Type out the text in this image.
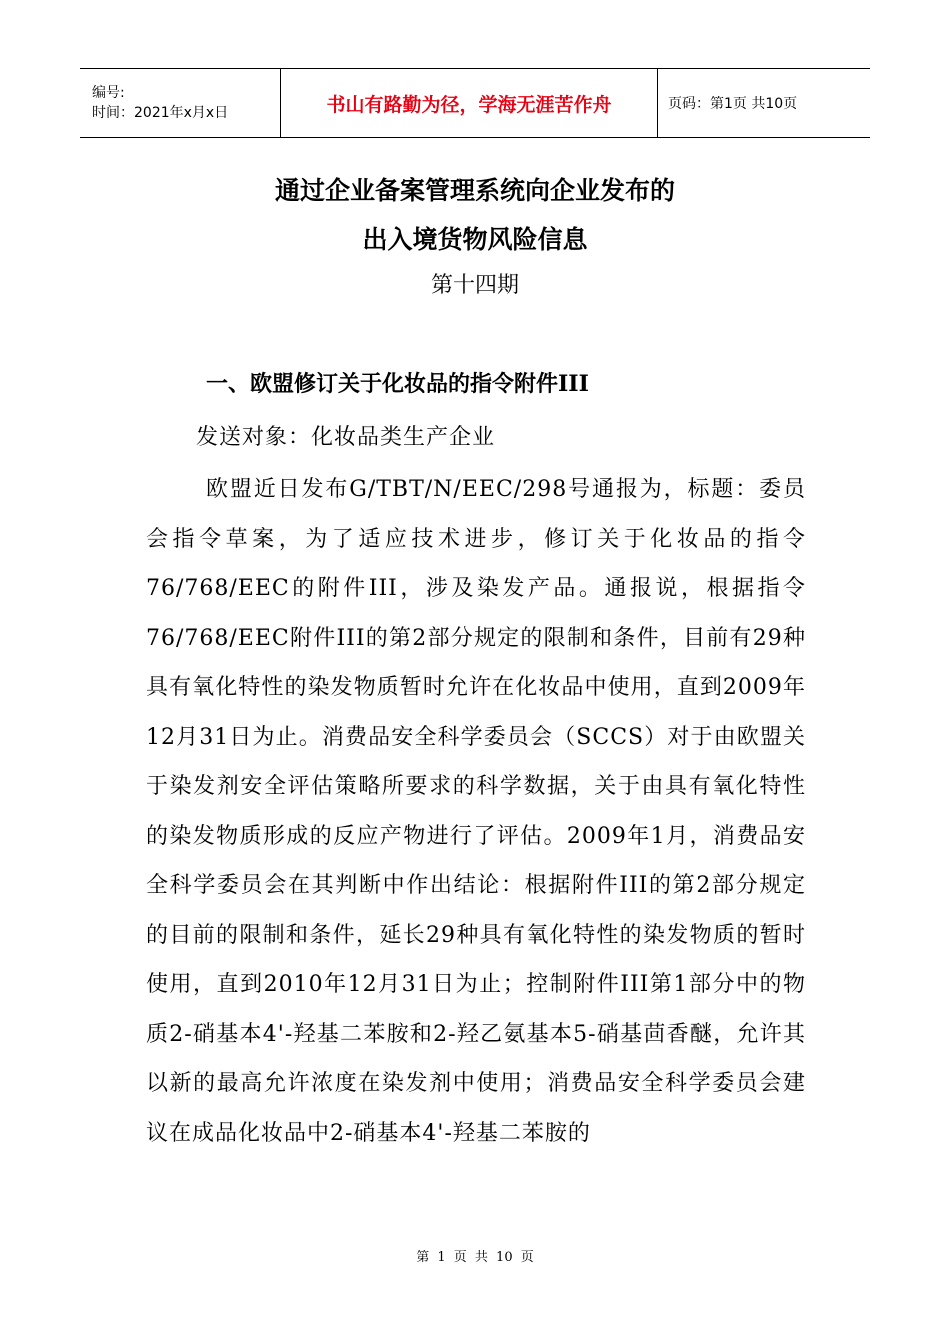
编号:
时间：2021年x月x日	书山有路勤为径，学海无涯苦作舟	页码：第1页 共10页
通过企业备案管理系统向企业发布的
出入境货物风险信息
第十四期
一、欧盟修订关于化妆品的指令附件III
发送对象：化妆品类生产企业
欧盟近日发布G/TBT/N/EEC/298号通报为，标题：委员会指令草案，为了适应技术进步，修订关于化妆品的指令76/768/EEC的附件III，涉及染发产品。通报说，根据指令76/768/EEC附件III的第2部分规定的限制和条件，目前有29种具有氧化特性的染发物质暂时允许在化妆品中使用，直到2009年12月31日为止。消费品安全科学委员会（SCCS）对于由欧盟关于染发剂安全评估策略所要求的科学数据，关于由具有氧化特性的染发物质形成的反应产物进行了评估。2009年1月，消费品安全科学委员会在其判断中作出结论：根据附件III的第2部分规定的目前的限制和条件，延长29种具有氧化特性的染发物质的暂时使用，直到2010年12月31日为止；控制附件III第1部分中的物质2-硝基本4'-羟基二苯胺和2-羟乙氨基本5-硝基茴香醚，允许其以新的最高允许浓度在染发剂中使用；消费品安全科学委员会建议在成品化妆品中2-硝基本4'-羟基二苯胺的
第 1 页 共 10 页
